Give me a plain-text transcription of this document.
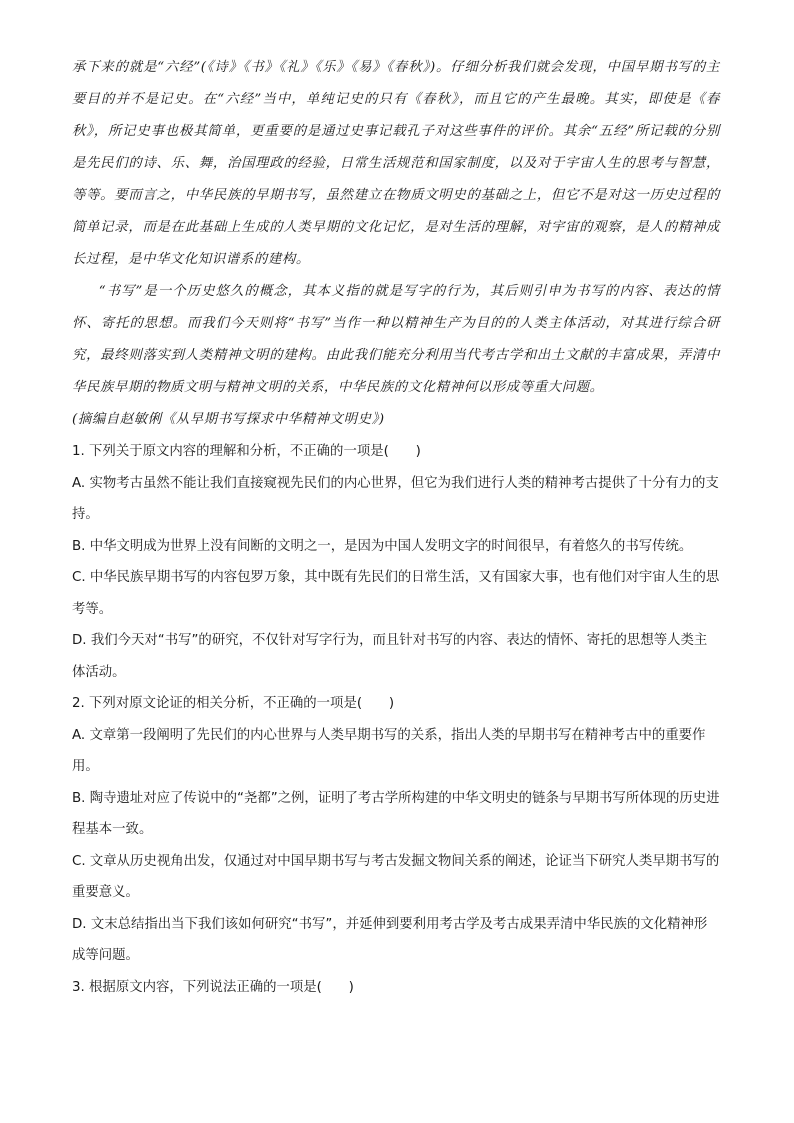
承下来的就是“六经”(《诗》《书》《礼》《乐》《易》《春秋》)。仔细分析我们就会发现，中国早期书写的主要目的并不是记史。在“六经”当中，单纯记史的只有《春秋》，而且它的产生最晚。其实，即使是《春秋》，所记史事也极其简单，更重要的是通过史事记载孔子对这些事件的评价。其余“五经”所记载的分别是先民们的诗、乐、舞，治国理政的经验，日常生活规范和国家制度，以及对于宇宙人生的思考与智慧，等等。要而言之，中华民族的早期书写，虽然建立在物质文明史的基础之上，但它不是对这一历史过程的简单记录，而是在此基础上生成的人类早期的文化记忆，是对生活的理解，对宇宙的观察，是人的精神成长过程，是中华文化知识谱系的建构。

“书写”是一个历史悠久的概念，其本义指的就是写字的行为，其后则引申为书写的内容、表达的情怀、寄托的思想。而我们今天则将“书写”当作一种以精神生产为目的的人类主体活动，对其进行综合研究，最终则落实到人类精神文明的建构。由此我们能充分利用当代考古学和出土文献的丰富成果，弄清中华民族早期的物质文明与精神文明的关系，中华民族的文化精神何以形成等重大问题。

(摘编自赵敏俐《从早期书写探求中华精神文明史》)

1. 下列关于原文内容的理解和分析，不正确的一项是(　　)

A. 实物考古虽然不能让我们直接窥视先民们的内心世界，但它为我们进行人类的精神考古提供了十分有力的支持。

B. 中华文明成为世界上没有间断的文明之一，是因为中国人发明文字的时间很早，有着悠久的书写传统。

C. 中华民族早期书写的内容包罗万象，其中既有先民们的日常生活，又有国家大事，也有他们对宇宙人生的思考等。

D. 我们今天对“书写”的研究，不仅针对写字行为，而且针对书写的内容、表达的情怀、寄托的思想等人类主体活动。

2. 下列对原文论证的相关分析，不正确的一项是(　　)

A. 文章第一段阐明了先民们的内心世界与人类早期书写的关系，指出人类的早期书写在精神考古中的重要作用。

B. 陶寺遗址对应了传说中的“尧都”之例，证明了考古学所构建的中华文明史的链条与早期书写所体现的历史进程基本一致。

C. 文章从历史视角出发，仅通过对中国早期书写与考古发掘文物间关系的阐述，论证当下研究人类早期书写的重要意义。

D. 文末总结指出当下我们该如何研究“书写”，并延伸到要利用考古学及考古成果弄清中华民族的文化精神形成等问题。

3. 根据原文内容，下列说法正确的一项是(　　)
